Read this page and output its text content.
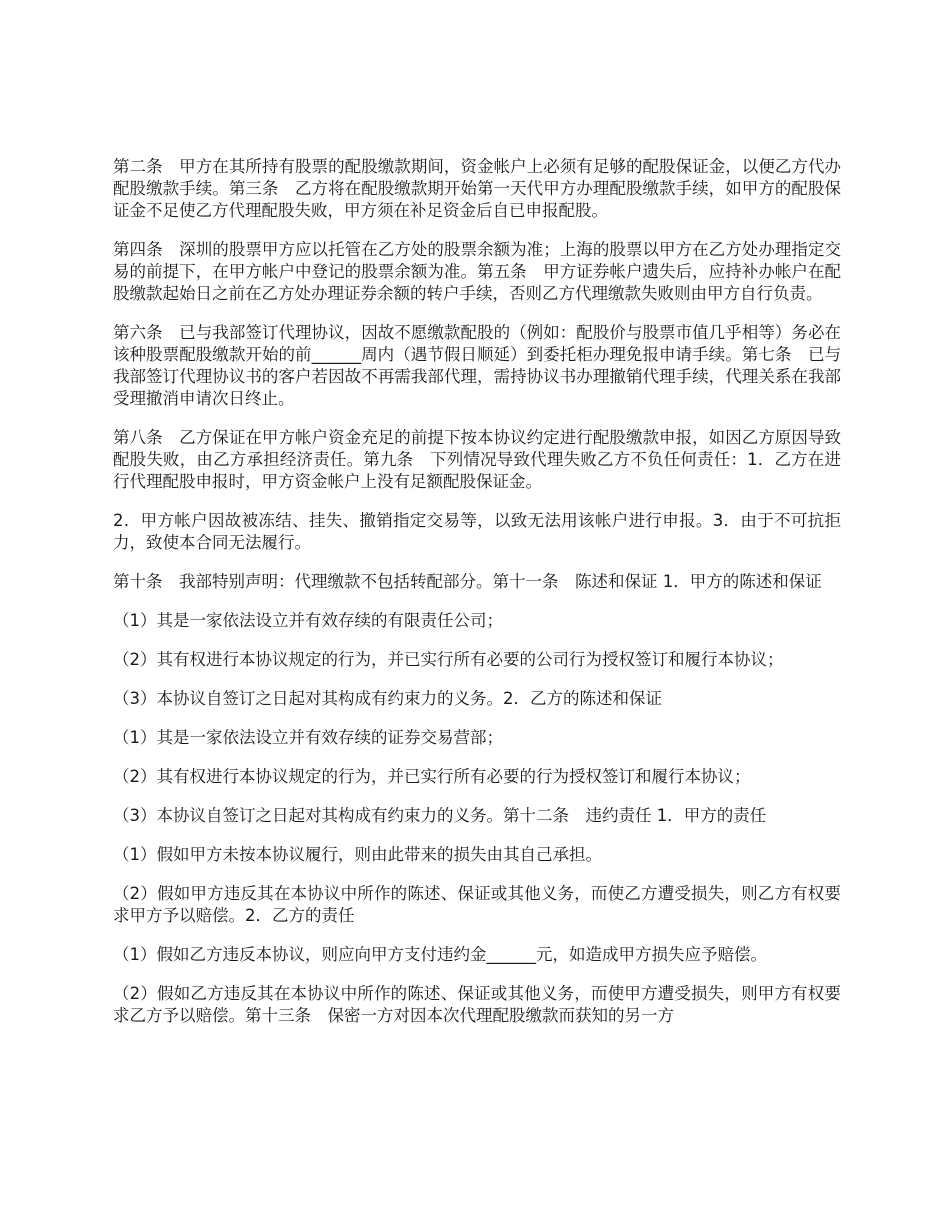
第二条　甲方在其所持有股票的配股缴款期间，资金帐户上必须有足够的配股保证金，以便乙方代办配股缴款手续。第三条　乙方将在配股缴款期开始第一天代甲方办理配股缴款手续，如甲方的配股保证金不足使乙方代理配股失败，甲方须在补足资金后自已申报配股。

第四条　深圳的股票甲方应以托管在乙方处的股票余额为准；上海的股票以甲方在乙方处办理指定交易的前提下，在甲方帐户中登记的股票余额为准。第五条　甲方证券帐户遗失后，应持补办帐户在配股缴款起始日之前在乙方处办理证券余额的转户手续，否则乙方代理缴款失败则由甲方自行负责。

第六条　已与我部签订代理协议，因故不愿缴款配股的（例如：配股价与股票市值几乎相等）务必在该种股票配股缴款开始的前______周内（遇节假日顺延）到委托柜办理免报申请手续。第七条　已与我部签订代理协议书的客户若因故不再需我部代理，需持协议书办理撤销代理手续，代理关系在我部受理撤消申请次日终止。

第八条　乙方保证在甲方帐户资金充足的前提下按本协议约定进行配股缴款申报，如因乙方原因导致配股失败，由乙方承担经济责任。第九条　下列情况导致代理失败乙方不负任何责任：1．乙方在进行代理配股申报时，甲方资金帐户上没有足额配股保证金。

2．甲方帐户因故被冻结、挂失、撤销指定交易等，以致无法用该帐户进行申报。3．由于不可抗拒力，致使本合同无法履行。

第十条　我部特别声明：代理缴款不包括转配部分。第十一条　陈述和保证 1．甲方的陈述和保证

（1）其是一家依法设立并有效存续的有限责任公司；

（2）其有权进行本协议规定的行为，并已实行所有必要的公司行为授权签订和履行本协议；

（3）本协议自签订之日起对其构成有约束力的义务。2．乙方的陈述和保证

（1）其是一家依法设立并有效存续的证券交易营部；

（2）其有权进行本协议规定的行为，并已实行所有必要的行为授权签订和履行本协议；

（3）本协议自签订之日起对其构成有约束力的义务。第十二条　违约责任 1．甲方的责任

（1）假如甲方未按本协议履行，则由此带来的损失由其自己承担。

（2）假如甲方违反其在本协议中所作的陈述、保证或其他义务，而使乙方遭受损失，则乙方有权要求甲方予以赔偿。2．乙方的责任

（1）假如乙方违反本协议，则应向甲方支付违约金______元，如造成甲方损失应予赔偿。

（2）假如乙方违反其在本协议中所作的陈述、保证或其他义务，而使甲方遭受损失，则甲方有权要求乙方予以赔偿。第十三条　保密一方对因本次代理配股缴款而获知的另一方
